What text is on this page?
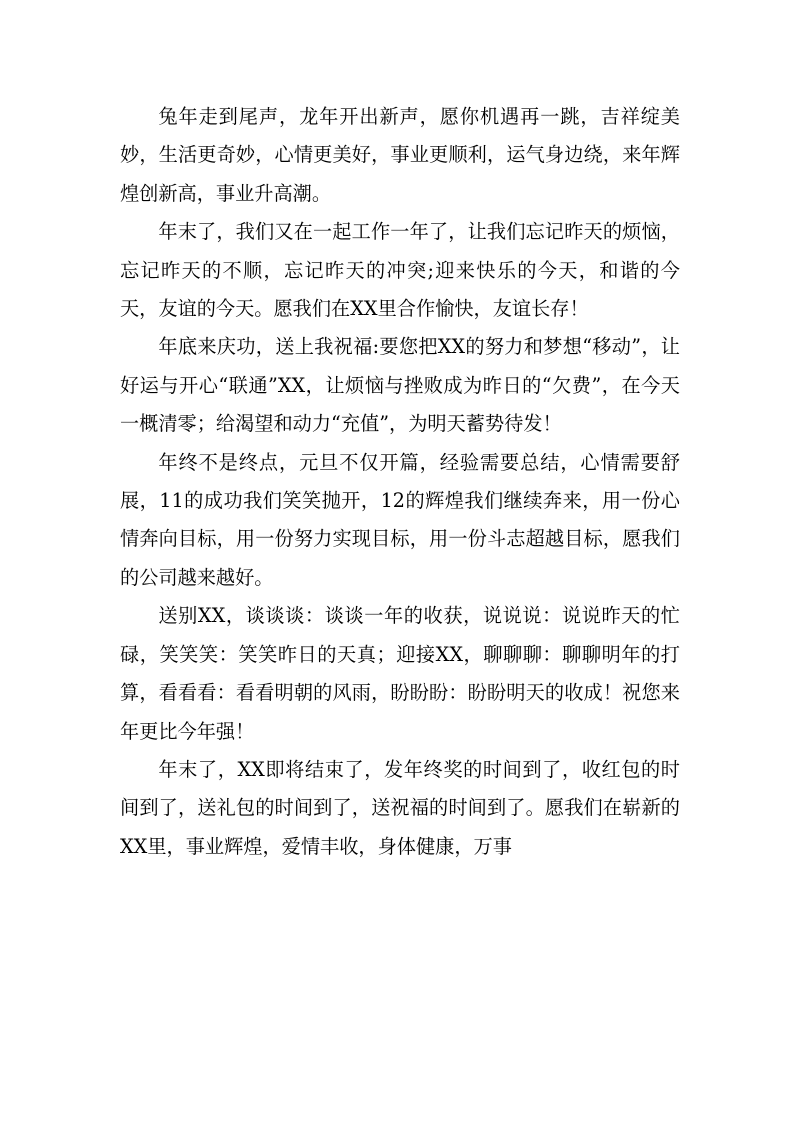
兔年走到尾声，龙年开出新声，愿你机遇再一跳，吉祥绽美妙，生活更奇妙，心情更美好，事业更顺利，运气身边绕，来年辉煌创新高，事业升高潮。

年末了，我们又在一起工作一年了，让我们忘记昨天的烦恼，忘记昨天的不顺，忘记昨天的冲突;迎来快乐的今天，和谐的今天，友谊的今天。愿我们在XX里合作愉快，友谊长存！

年底来庆功，送上我祝福:要您把XX的努力和梦想“移动”，让好运与开心“联通”XX，让烦恼与挫败成为昨日的“欠费”，在今天一概清零；给渴望和动力“充值”，为明天蓄势待发！

年终不是终点，元旦不仅开篇，经验需要总结，心情需要舒展，11的成功我们笑笑抛开，12的辉煌我们继续奔来，用一份心情奔向目标，用一份努力实现目标，用一份斗志超越目标，愿我们的公司越来越好。

送别XX，谈谈谈：谈谈一年的收获，说说说：说说昨天的忙碌，笑笑笑：笑笑昨日的天真；迎接XX，聊聊聊：聊聊明年的打算，看看看：看看明朝的风雨，盼盼盼：盼盼明天的收成！祝您来年更比今年强！

年末了，XX即将结束了，发年终奖的时间到了，收红包的时间到了，送礼包的时间到了，送祝福的时间到了。愿我们在崭新的XX里，事业辉煌，爱情丰收，身体健康，万事
